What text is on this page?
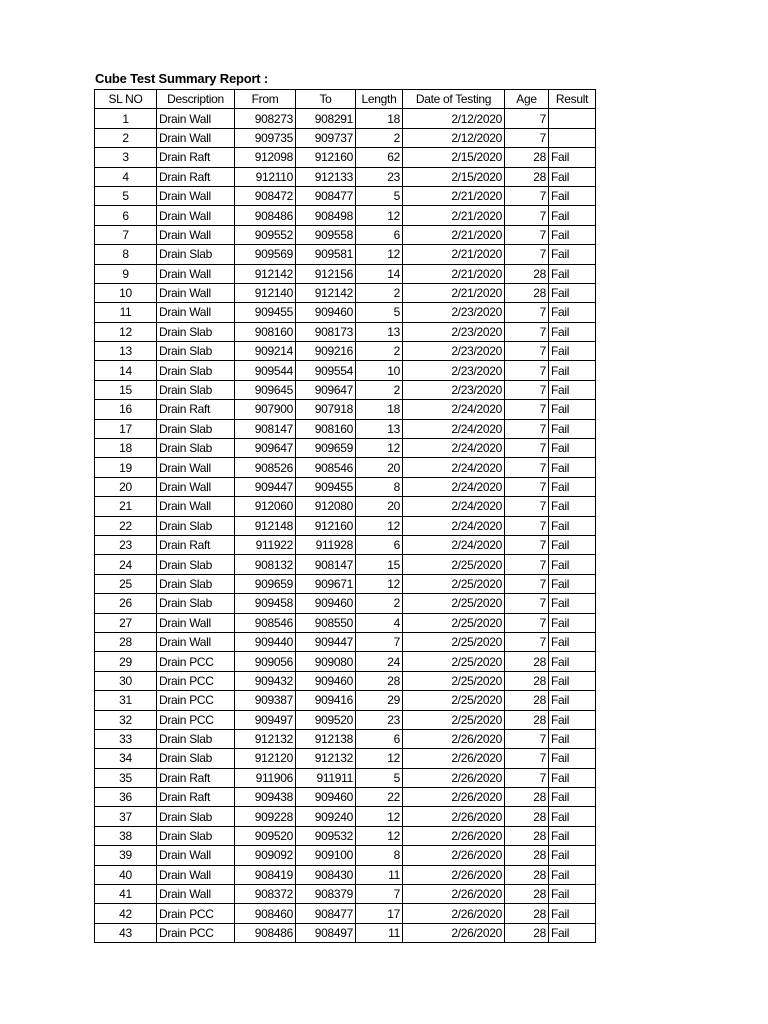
Cube Test Summary Report :
SL NO	Description	From	To	Length	Date of Testing	Age	Result
1	Drain Wall	908273	908291	18	2/12/2020	7	
2	Drain Wall	909735	909737	2	2/12/2020	7	
3	Drain Raft	912098	912160	62	2/15/2020	28	Fail
4	Drain Raft	912110	912133	23	2/15/2020	28	Fail
5	Drain Wall	908472	908477	5	2/21/2020	7	Fail
6	Drain Wall	908486	908498	12	2/21/2020	7	Fail
7	Drain Wall	909552	909558	6	2/21/2020	7	Fail
8	Drain Slab	909569	909581	12	2/21/2020	7	Fail
9	Drain Wall	912142	912156	14	2/21/2020	28	Fail
10	Drain Wall	912140	912142	2	2/21/2020	28	Fail
11	Drain Wall	909455	909460	5	2/23/2020	7	Fail
12	Drain Slab	908160	908173	13	2/23/2020	7	Fail
13	Drain Slab	909214	909216	2	2/23/2020	7	Fail
14	Drain Slab	909544	909554	10	2/23/2020	7	Fail
15	Drain Slab	909645	909647	2	2/23/2020	7	Fail
16	Drain Raft	907900	907918	18	2/24/2020	7	Fail
17	Drain Slab	908147	908160	13	2/24/2020	7	Fail
18	Drain Slab	909647	909659	12	2/24/2020	7	Fail
19	Drain Wall	908526	908546	20	2/24/2020	7	Fail
20	Drain Wall	909447	909455	8	2/24/2020	7	Fail
21	Drain Wall	912060	912080	20	2/24/2020	7	Fail
22	Drain Slab	912148	912160	12	2/24/2020	7	Fail
23	Drain Raft	911922	911928	6	2/24/2020	7	Fail
24	Drain Slab	908132	908147	15	2/25/2020	7	Fail
25	Drain Slab	909659	909671	12	2/25/2020	7	Fail
26	Drain Slab	909458	909460	2	2/25/2020	7	Fail
27	Drain Wall	908546	908550	4	2/25/2020	7	Fail
28	Drain Wall	909440	909447	7	2/25/2020	7	Fail
29	Drain PCC	909056	909080	24	2/25/2020	28	Fail
30	Drain PCC	909432	909460	28	2/25/2020	28	Fail
31	Drain PCC	909387	909416	29	2/25/2020	28	Fail
32	Drain PCC	909497	909520	23	2/25/2020	28	Fail
33	Drain Slab	912132	912138	6	2/26/2020	7	Fail
34	Drain Slab	912120	912132	12	2/26/2020	7	Fail
35	Drain Raft	911906	911911	5	2/26/2020	7	Fail
36	Drain Raft	909438	909460	22	2/26/2020	28	Fail
37	Drain Slab	909228	909240	12	2/26/2020	28	Fail
38	Drain Slab	909520	909532	12	2/26/2020	28	Fail
39	Drain Wall	909092	909100	8	2/26/2020	28	Fail
40	Drain Wall	908419	908430	11	2/26/2020	28	Fail
41	Drain Wall	908372	908379	7	2/26/2020	28	Fail
42	Drain PCC	908460	908477	17	2/26/2020	28	Fail
43	Drain PCC	908486	908497	11	2/26/2020	28	Fail
